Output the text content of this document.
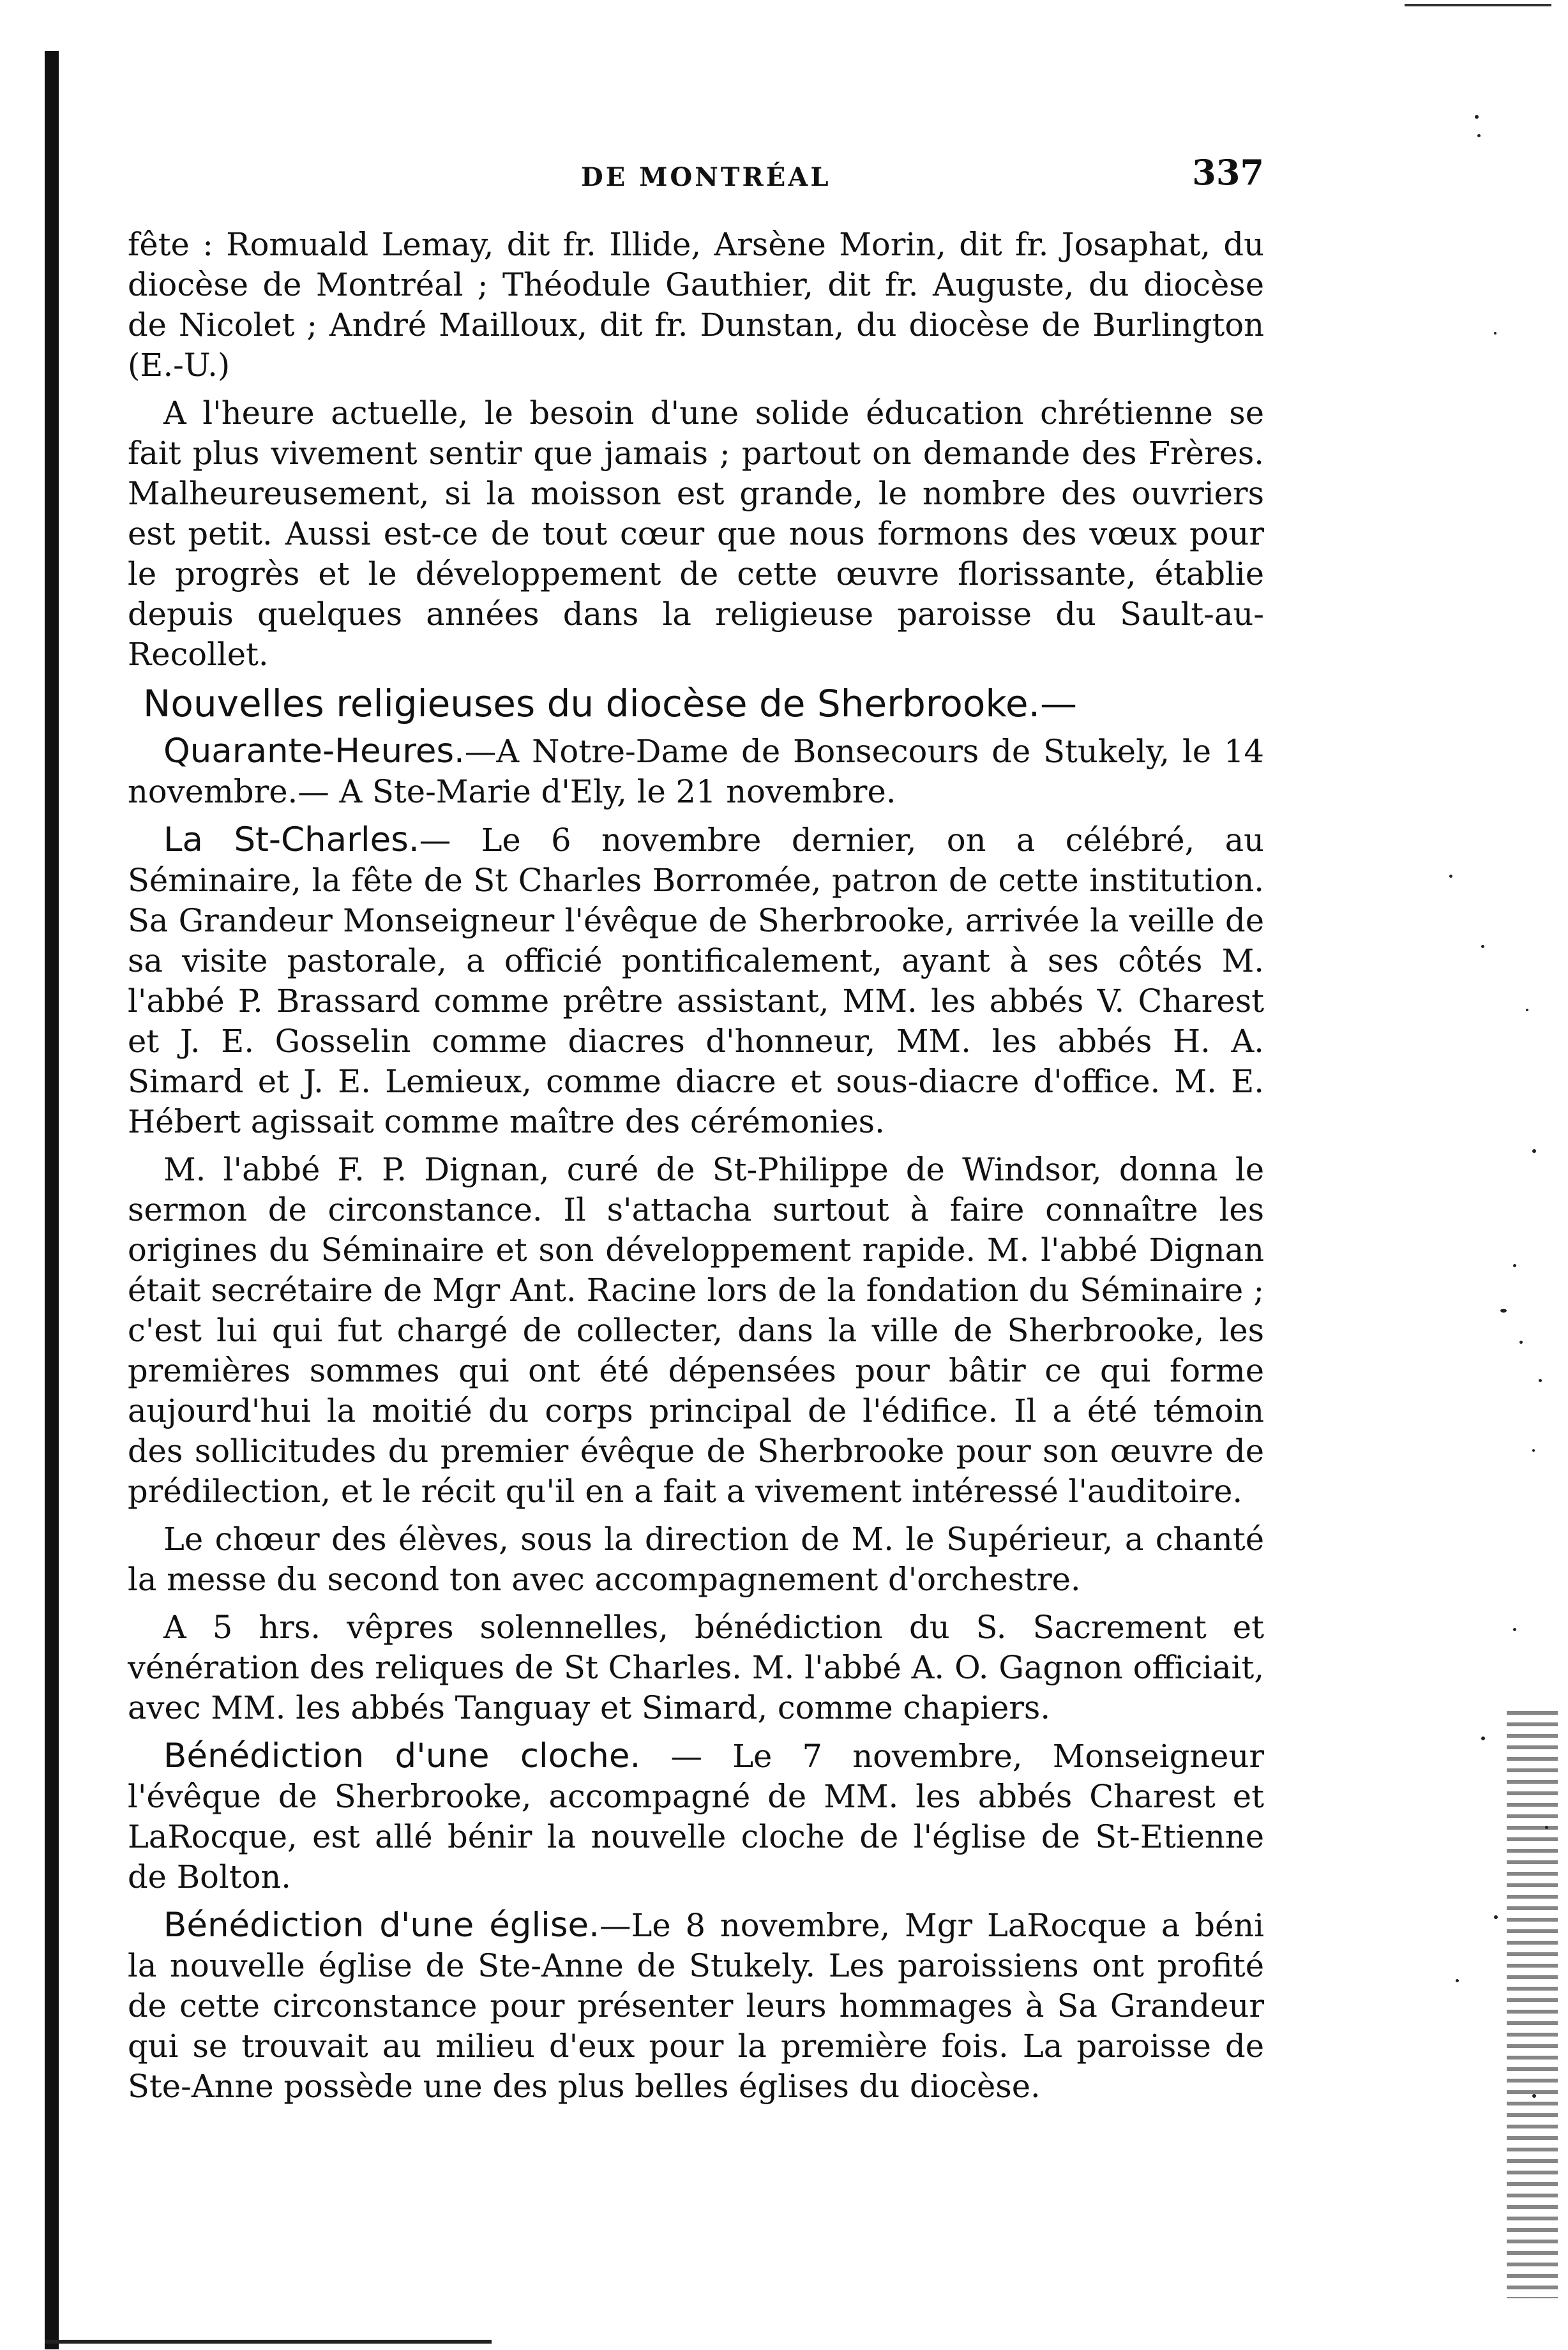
DE MONTRÉAL	337

fête : Romuald Lemay, dit fr. Illide, Arsène Morin, dit fr. Josaphat, du diocèse de Montréal ; Théodule Gauthier, dit fr. Auguste, du diocèse de Nicolet ; André Mailloux, dit fr. Dunstan, du diocèse de Burlington (E.-U.)

A l'heure actuelle, le besoin d'une solide éducation chrétienne se fait plus vivement sentir que jamais ; partout on demande des Frères. Malheureusement, si la moisson est grande, le nombre des ouvriers est petit. Aussi est-ce de tout cœur que nous formons des vœux pour le progrès et le développement de cette œuvre florissante, établie depuis quelques années dans la religieuse paroisse du Sault-au-Recollet.

Nouvelles religieuses du diocèse de Sherbrooke.—

Quarante-Heures.—A Notre-Dame de Bonsecours de Stukely, le 14 novembre.— A Ste-Marie d'Ely, le 21 novembre.

La St-Charles.— Le 6 novembre dernier, on a célébré, au Séminaire, la fête de St Charles Borromée, patron de cette institution. Sa Grandeur Monseigneur l'évêque de Sherbrooke, arrivée la veille de sa visite pastorale, a officié pontificalement, ayant à ses côtés M. l'abbé P. Brassard comme prêtre assistant, MM. les abbés V. Charest et J. E. Gosselin comme diacres d'honneur, MM. les abbés H. A. Simard et J. E. Lemieux, comme diacre et sous-diacre d'office. M. E. Hébert agissait comme maître des cérémonies.

M. l'abbé F. P. Dignan, curé de St-Philippe de Windsor, donna le sermon de circonstance. Il s'attacha surtout à faire connaître les origines du Séminaire et son développement rapide. M. l'abbé Dignan était secrétaire de Mgr Ant. Racine lors de la fondation du Séminaire ; c'est lui qui fut chargé de collecter, dans la ville de Sherbrooke, les premières sommes qui ont été dépensées pour bâtir ce qui forme aujourd'hui la moitié du corps principal de l'édifice. Il a été témoin des sollicitudes du premier évêque de Sherbrooke pour son œuvre de prédilection, et le récit qu'il en a fait a vivement intéressé l'auditoire.

Le chœur des élèves, sous la direction de M. le Supérieur, a chanté la messe du second ton avec accompagnement d'orchestre.

A 5 hrs. vêpres solennelles, bénédiction du S. Sacrement et vénération des reliques de St Charles. M. l'abbé A. O. Gagnon officiait, avec MM. les abbés Tanguay et Simard, comme chapiers.

Bénédiction d'une cloche. — Le 7 novembre, Monseigneur l'évêque de Sherbrooke, accompagné de MM. les abbés Charest et LaRocque, est allé bénir la nouvelle cloche de l'église de St-Etienne de Bolton.

Bénédiction d'une église.—Le 8 novembre, Mgr LaRocque a béni la nouvelle église de Ste-Anne de Stukely. Les paroissiens ont profité de cette circonstance pour présenter leurs hommages à Sa Grandeur qui se trouvait au milieu d'eux pour la première fois. La paroisse de Ste-Anne possède une des plus belles églises du diocèse.
